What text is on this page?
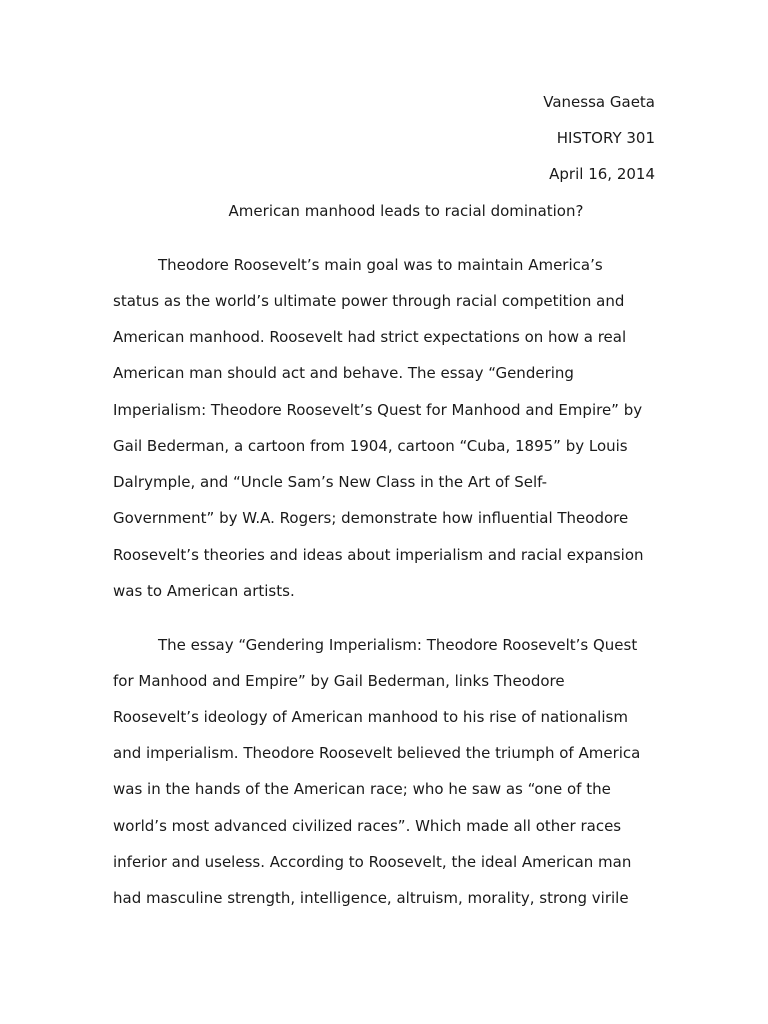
Vanessa Gaeta
HISTORY 301
April 16, 2014
American manhood leads to racial domination?
Theodore Roosevelt’s main goal was to maintain America’s
status as the world’s ultimate power through racial competition and
American manhood. Roosevelt had strict expectations on how a real
American man should act and behave. The essay “Gendering
Imperialism: Theodore Roosevelt’s Quest for Manhood and Empire” by
Gail Bederman, a cartoon from 1904, cartoon “Cuba, 1895” by Louis
Dalrymple, and “Uncle Sam’s New Class in the Art of Self-
Government” by W.A. Rogers; demonstrate how influential Theodore
Roosevelt’s theories and ideas about imperialism and racial expansion
was to American artists.
The essay “Gendering Imperialism: Theodore Roosevelt’s Quest
for Manhood and Empire” by Gail Bederman, links Theodore
Roosevelt’s ideology of American manhood to his rise of nationalism
and imperialism. Theodore Roosevelt believed the triumph of America
was in the hands of the American race; who he saw as “one of the
world’s most advanced civilized races”. Which made all other races
inferior and useless. According to Roosevelt, the ideal American man
had masculine strength, intelligence, altruism, morality, strong virile
